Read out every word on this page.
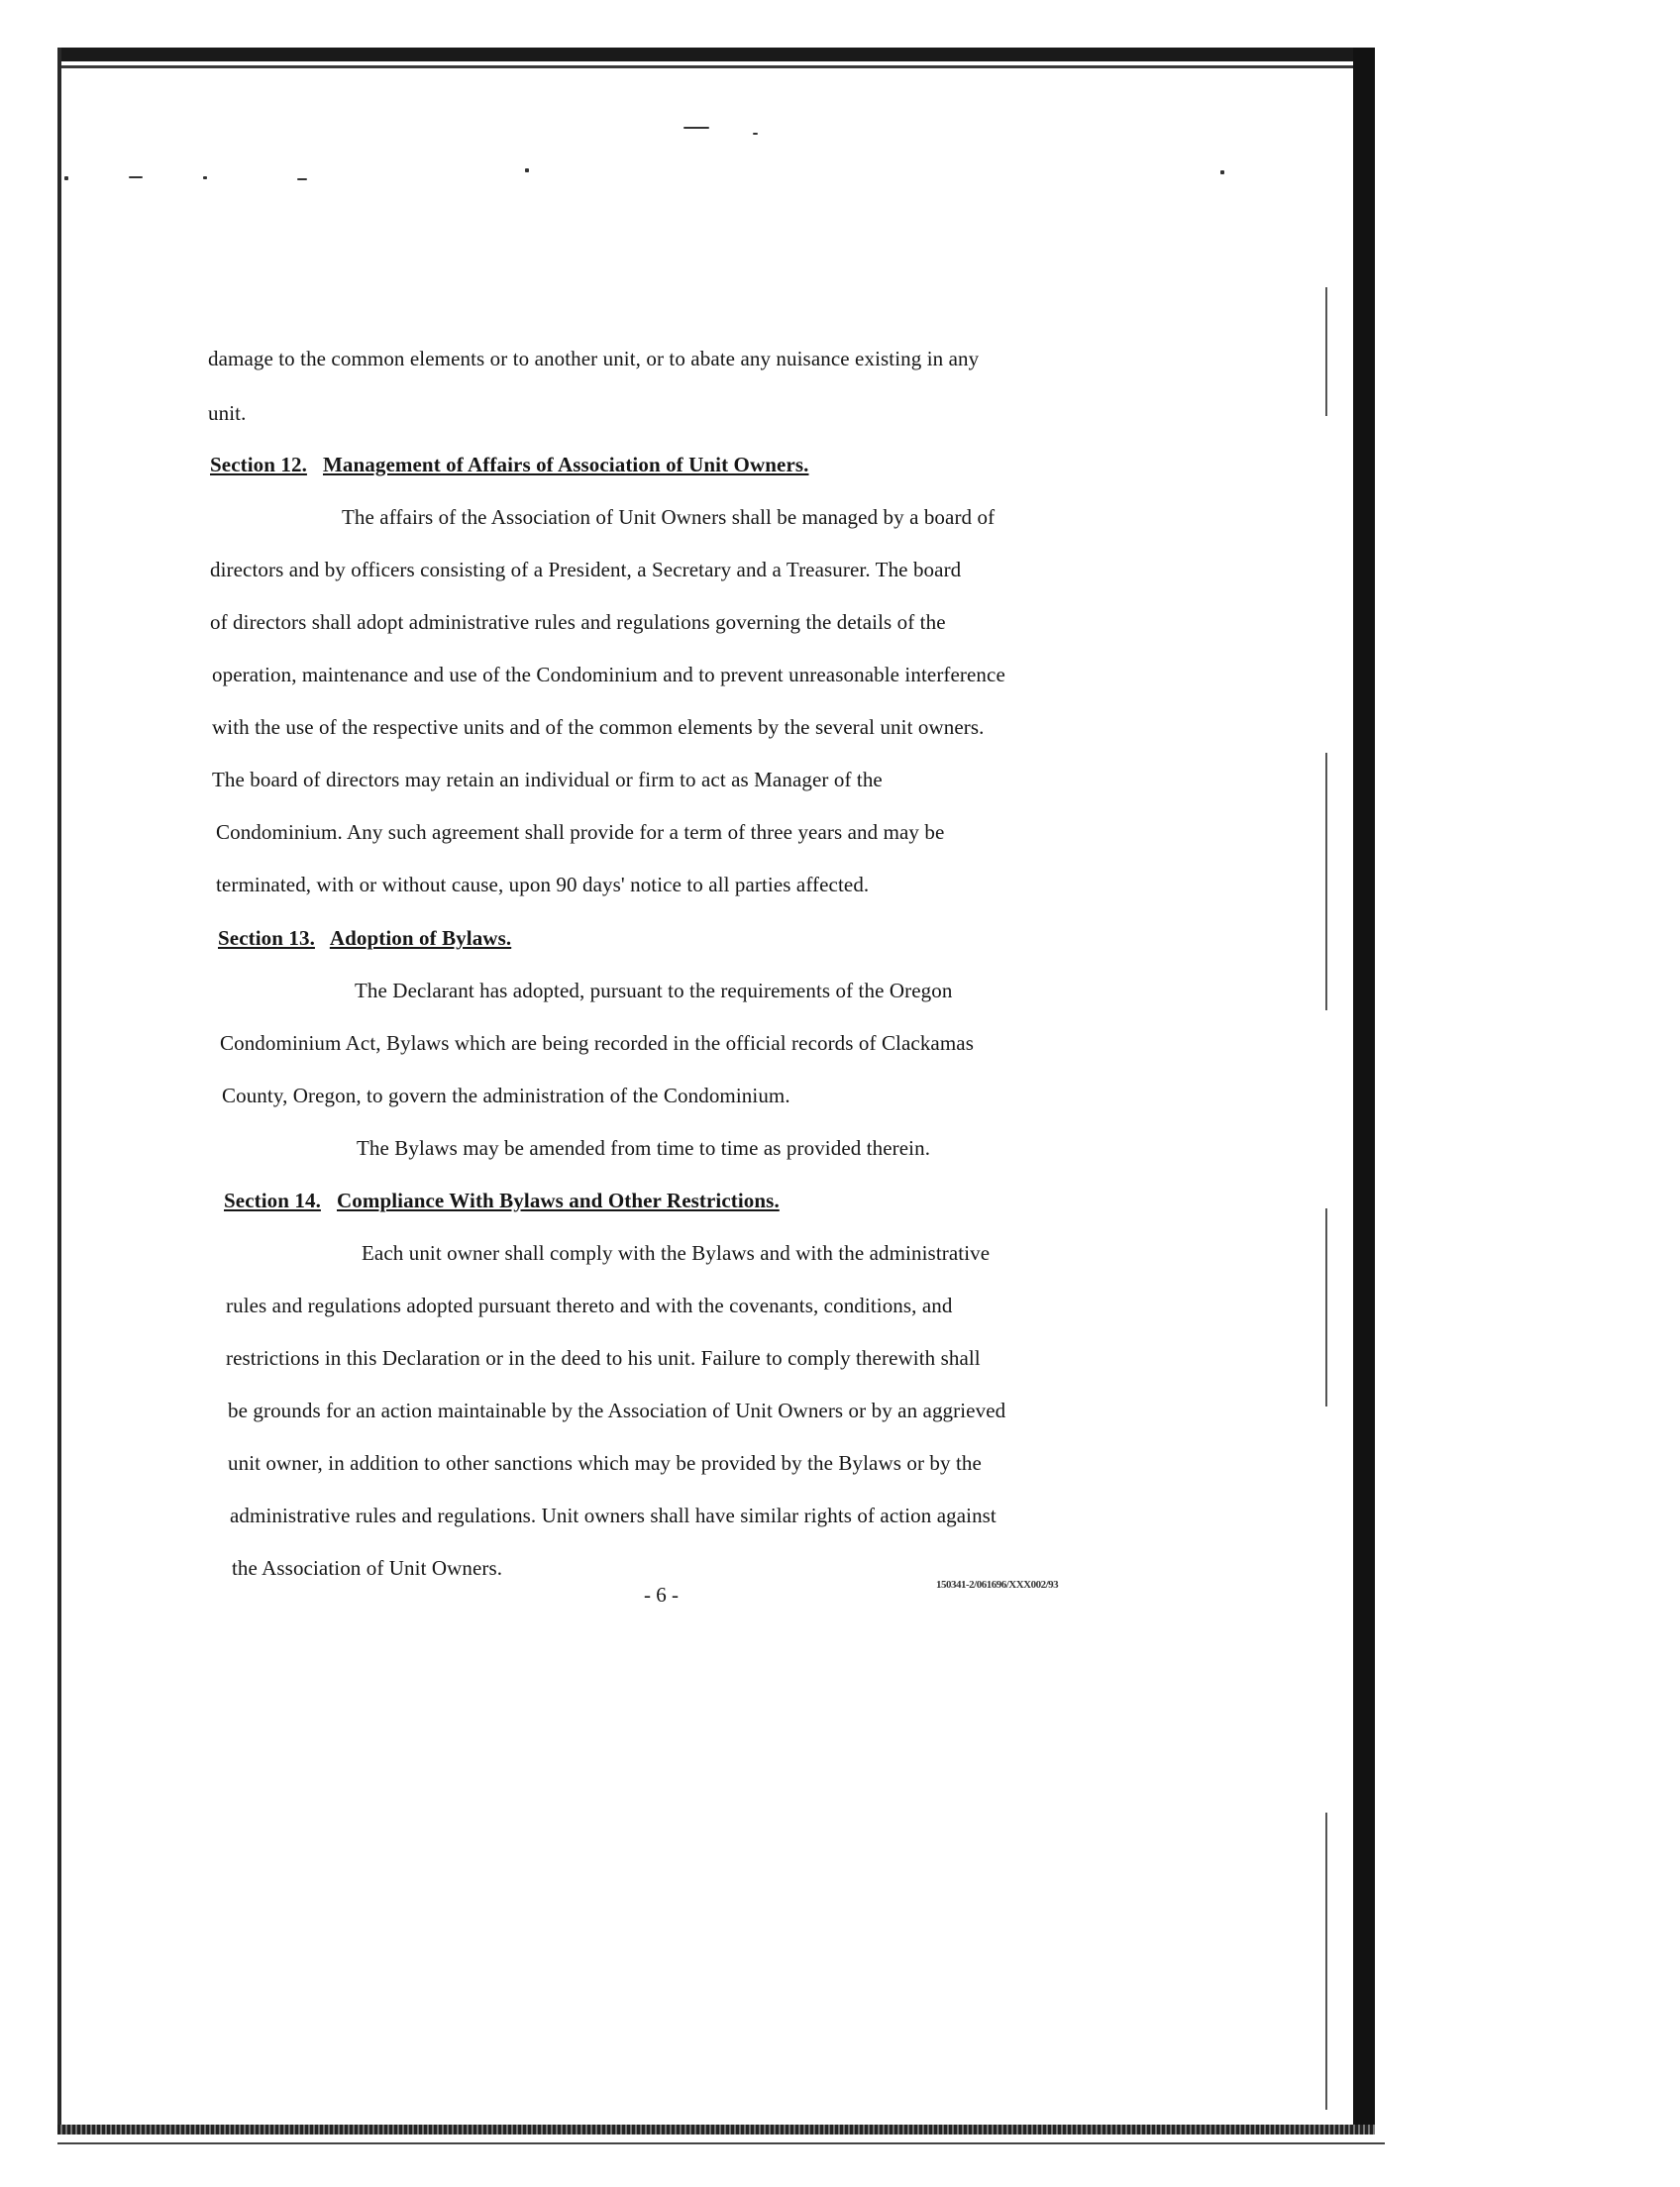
damage to the common elements or to another unit, or to abate any nuisance existing in any
unit.
Section 12. Management of Affairs of Association of Unit Owners.
The affairs of the Association of Unit Owners shall be managed by a board of
directors and by officers consisting of a President, a Secretary and a Treasurer. The board
of directors shall adopt administrative rules and regulations governing the details of the
operation, maintenance and use of the Condominium and to prevent unreasonable interference
with the use of the respective units and of the common elements by the several unit owners.
The board of directors may retain an individual or firm to act as Manager of the
Condominium. Any such agreement shall provide for a term of three years and may be
terminated, with or without cause, upon 90 days' notice to all parties affected.
Section 13. Adoption of Bylaws.
The Declarant has adopted, pursuant to the requirements of the Oregon
Condominium Act, Bylaws which are being recorded in the official records of Clackamas
County, Oregon, to govern the administration of the Condominium.
The Bylaws may be amended from time to time as provided therein.
Section 14. Compliance With Bylaws and Other Restrictions.
Each unit owner shall comply with the Bylaws and with the administrative
rules and regulations adopted pursuant thereto and with the covenants, conditions, and
restrictions in this Declaration or in the deed to his unit. Failure to comply therewith shall
be grounds for an action maintainable by the Association of Unit Owners or by an aggrieved
unit owner, in addition to other sanctions which may be provided by the Bylaws or by the
administrative rules and regulations. Unit owners shall have similar rights of action against
the Association of Unit Owners.
- 6 -	150341-2/061696/XXX002/93
